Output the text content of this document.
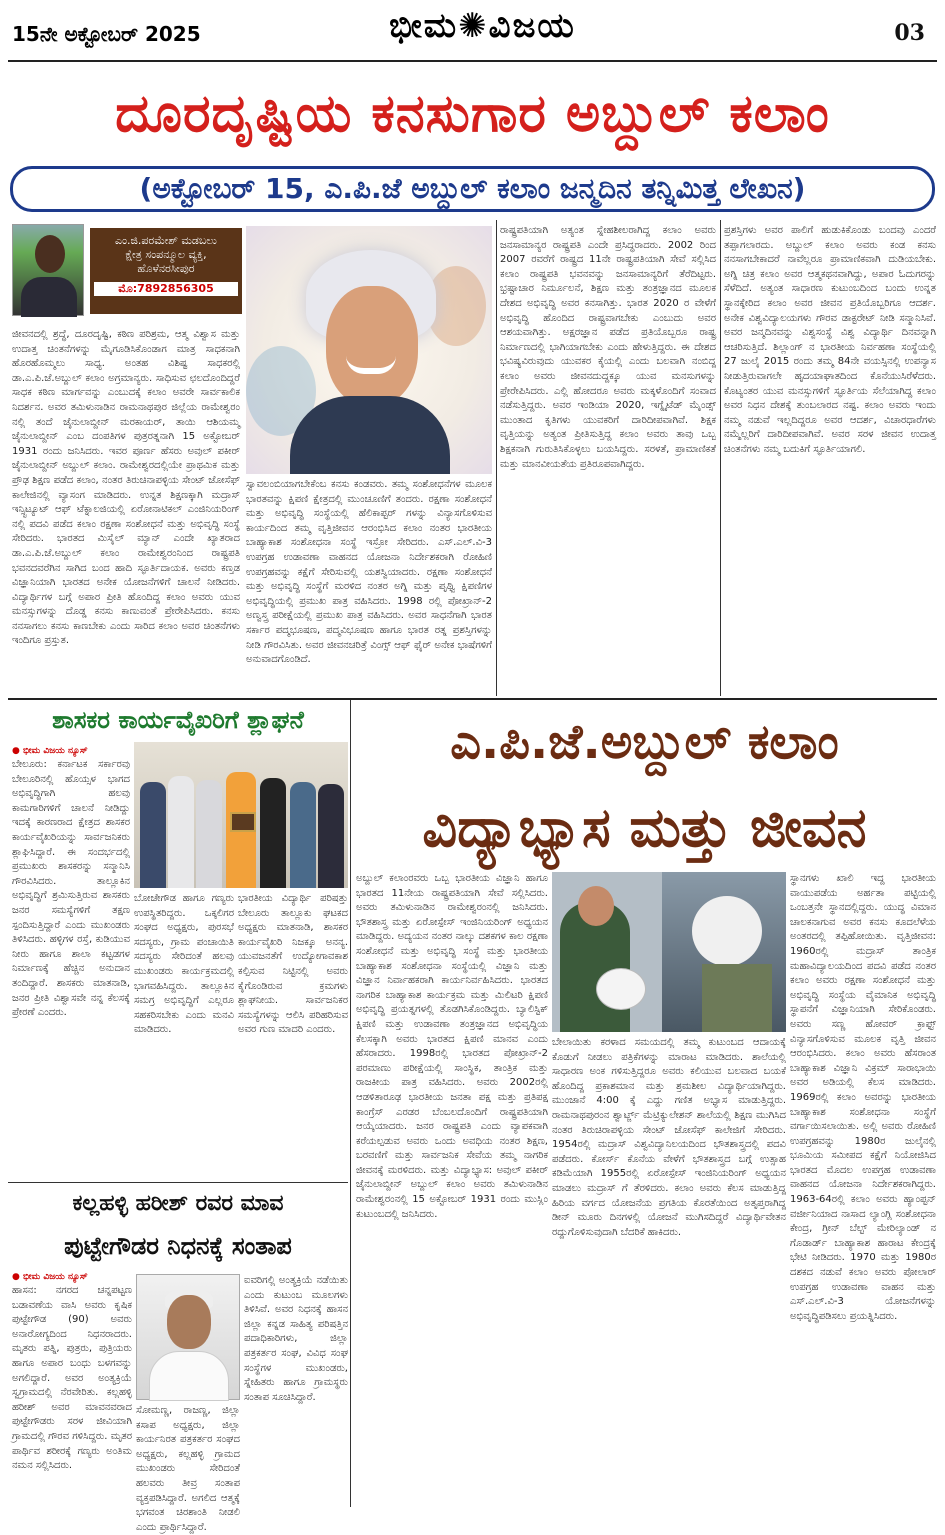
15ನೇ ಅಕ್ಟೋಬರ್ 2025	ಭೀಮ✺ವಿಜಯ	03
ದೂರದೃಷ್ಟಿಯ ಕನಸುಗಾರ ಅಬ್ದುಲ್ ಕಲಾಂ
(ಅಕ್ಟೋಬರ್ 15, ಎ.ಪಿ.ಜೆ ಅಬ್ದುಲ್ ಕಲಾಂ ಜನ್ಮದಿನ ತನ್ನಿಮಿತ್ತ ಲೇಖನ)
ಎಂ.ಜಿ.ಪರಮೇಶ್ ಮಡಬಲು
ಕ್ಷೇತ್ರ ಸಂಪನ್ಮೂಲ ವ್ಯಕ್ತಿ,
ಹೊಳೆನರಸೀಪುರ
ಮೊ:7892856305
ಜೀವನದಲ್ಲಿ ಶ್ರದ್ಧೆ, ದೂರದೃಷ್ಟಿ, ಕಠಿಣ ಪರಿಶ್ರಮ, ಆತ್ಮ ವಿಶ್ವಾಸ ಮತ್ತು ಉದಾತ್ತ ಚಿಂತನೆಗಳನ್ನು ಮೈಗೂಡಿಸಿಕೊಂಡಾಗ ಮಾತ್ರ ಸಾಧಕನಾಗಿ ಹೊರಹೊಮ್ಮಲು ಸಾಧ್ಯ. ಅಂತಹ ವಿಶಿಷ್ಟ ಸಾಧಕರಲ್ಲಿ ಡಾ.ಎ.ಪಿ.ಜೆ.ಅಬ್ದುಲ್ ಕಲಾಂ ಅಗ್ರಮಾನ್ಯರು. ಸಾಧಿಸುವ ಛಲದೊಂದಿದ್ದರೆ ಸಾಧಕ ಕಠಿಣ ಮಾರ್ಗವನ್ನು ಎಂಬುದಕ್ಕೆ ಕಲಾಂ ಅವರೇ ಸಾರ್ವಕಾಲಿಕ ನಿದರ್ಶನ. ಅವರ ತಮಿಳುನಾಡಿನ ರಾಮನಾಥಪುರ ಜಿಲ್ಲೆಯ ರಾಮೇಶ್ವರಂ ನಲ್ಲಿ ತಂದೆ ಜೈನುಲಾಬ್ದೀನ್ ಮರಕಾಯರ್, ತಾಯಿ ಆಶಿಯಮ್ಮ ಜೈನುಲಾಬ್ದೀನ್ ಎಂಬ ದಂಪತಿಗಳ ಪುತ್ರರತ್ನನಾಗಿ 15 ಅಕ್ಟೋಬರ್ 1931 ರಂದು ಜನಿಸಿದರು. ಇವರ ಪೂರ್ಣ ಹೆಸರು ಅವುಲ್ ಪಕೀರ್ ಜೈನುಲಾಬ್ದೀನ್ ಅಬ್ದುಲ್ ಕಲಾಂ. ರಾಮೇಶ್ವರದಲ್ಲಿಯೇ ಪ್ರಾಥಮಿಕ ಮತ್ತು ಪ್ರೌಢ ಶಿಕ್ಷಣ ಪಡೆದ ಕಲಾಂ, ನಂತರ ತಿರುಚಿನಾಪಳ್ಳಿಯ ಸೇಂಟ್ ಜೋಸೆಫ್ ಕಾಲೇಜಿನಲ್ಲಿ ವ್ಯಾಸಂಗ ಮಾಡಿದರು. ಉನ್ನತ ಶಿಕ್ಷಣಕ್ಕಾಗಿ ಮದ್ರಾಸ್ ಇನ್ಸ್ಟಿಟ್ಯೂಟ್ ಆಫ್ ಟೆಕ್ನಾಲಜಿಯಲ್ಲಿ ಏರೋನಾಟಿಕಲ್ ಎಂಜಿನಿಯರಿಂಗ್ ನಲ್ಲಿ ಪದವಿ ಪಡೆದ ಕಲಾಂ ರಕ್ಷಣಾ ಸಂಶೋಧನೆ ಮತ್ತು ಅಭಿವೃದ್ಧಿ ಸಂಸ್ಥೆ ಸೇರಿದರು. ಭಾರತದ ಮಿಸೈಲ್ ಮ್ಯಾನ್ ಎಂದೇ ಖ್ಯಾತರಾದ ಡಾ.ಎ.ಪಿ.ಜೆ.ಅಬ್ದುಲ್ ಕಲಾಂ ರಾಮೇಶ್ವರಂನಿಂದ ರಾಷ್ಟ್ರಪತಿ ಭವನದವರೆಗಿನ ಸಾಗಿದ ಬಂದ ಹಾದಿ ಸ್ಫೂರ್ತಿದಾಯಕ. ಅವರು ಕಣ್ತಡ ವಿಜ್ಞಾನಿಯಾಗಿ ಭಾರತದ ಅನೇಕ ಯೋಜನೆಗಳಿಗೆ ಚಾಲನೆ ನೀಡಿದರು. ವಿದ್ಯಾರ್ಥಿಗಳ ಬಗ್ಗೆ ಅಪಾರ ಪ್ರೀತಿ ಹೊಂದಿದ್ದ ಕಲಾಂ ಅವರು ಯುವ ಮನಸ್ಸುಗಳನ್ನು ದೊಡ್ಡ ಕನಸು ಕಾಣುವಂತೆ ಪ್ರೇರೇಪಿಸಿದರು. ಕನಸು ನನಸಾಗಲು ಕನಸು ಕಾಣಬೇಕು ಎಂದು ಸಾರಿದ ಕಲಾಂ ಅವರ ಚಿಂತನೆಗಳು ಇಂದಿಗೂ ಪ್ರಸ್ತುತ.
ಸ್ವಾವಲಂಬಿಯಾಗಬೇಕೆಂಬ ಕನಸು ಕಂಡವರು. ತಮ್ಮ ಸಂಶೋಧನೆಗಳ ಮೂಲಕ ಭಾರತವನ್ನು ಕ್ಷಿಪಣಿ ಕ್ಷೇತ್ರದಲ್ಲಿ ಮುಂಚೂಣಿಗೆ ತಂದರು. ರಕ್ಷಣಾ ಸಂಶೋಧನೆ ಮತ್ತು ಅಭಿವೃದ್ಧಿ ಸಂಸ್ಥೆಯಲ್ಲಿ ಹೆಲಿಕಾಪ್ಟರ್ ಗಳನ್ನು ವಿನ್ಯಾಸಗೊಳಿಸುವ ಕಾರ್ಯದಿಂದ ತಮ್ಮ ವೃತ್ತಿಜೀವನ ಆರಂಭಿಸಿದ ಕಲಾಂ ನಂತರ ಭಾರತೀಯ ಬಾಹ್ಯಾಕಾಶ ಸಂಶೋಧನಾ ಸಂಸ್ಥೆ ಇಸ್ರೋ ಸೇರಿದರು. ಎಸ್.ಎಲ್.ವಿ-3 ಉಪಗ್ರಹ ಉಡಾವಣಾ ವಾಹನದ ಯೋಜನಾ ನಿರ್ದೇಶಕರಾಗಿ ರೋಹಿಣಿ ಉಪಗ್ರಹವನ್ನು ಕಕ್ಷೆಗೆ ಸೇರಿಸುವಲ್ಲಿ ಯಶಸ್ವಿಯಾದರು. ರಕ್ಷಣಾ ಸಂಶೋಧನೆ ಮತ್ತು ಅಭಿವೃದ್ಧಿ ಸಂಸ್ಥೆಗೆ ಮರಳಿದ ನಂತರ ಅಗ್ನಿ ಮತ್ತು ಪೃಥ್ವಿ ಕ್ಷಿಪಣಿಗಳ ಅಭಿವೃದ್ಧಿಯಲ್ಲಿ ಪ್ರಮುಖ ಪಾತ್ರ ವಹಿಸಿದರು. 1998 ರಲ್ಲಿ ಪೋಖ್ರಾನ್-2 ಅಣ್ವಸ್ತ್ರ ಪರೀಕ್ಷೆಯಲ್ಲಿ ಪ್ರಮುಖ ಪಾತ್ರ ವಹಿಸಿದರು. ಅವರ ಸಾಧನೆಗಾಗಿ ಭಾರತ ಸರ್ಕಾರ ಪದ್ಮಭೂಷಣ, ಪದ್ಮವಿಭೂಷಣ ಹಾಗೂ ಭಾರತ ರತ್ನ ಪ್ರಶಸ್ತಿಗಳನ್ನು ನೀಡಿ ಗೌರವಿಸಿತು. ಅವರ ಜೀವನಚರಿತ್ರೆ ವಿಂಗ್ಸ್ ಆಫ್ ಫೈರ್ ಅನೇಕ ಭಾಷೆಗಳಿಗೆ ಅನುವಾದಗೊಂಡಿದೆ.
ರಾಷ್ಟ್ರಪತಿಯಾಗಿ ಅತ್ಯಂತ ಸ್ನೇಹಶೀಲರಾಗಿದ್ದ ಕಲಾಂ ಅವರು ಜನಸಾಮಾನ್ಯರ ರಾಷ್ಟ್ರಪತಿ ಎಂದೇ ಪ್ರಸಿದ್ಧರಾದರು. 2002 ರಿಂದ 2007 ರವರೆಗೆ ರಾಷ್ಟ್ರದ 11ನೇ ರಾಷ್ಟ್ರಪತಿಯಾಗಿ ಸೇವೆ ಸಲ್ಲಿಸಿದ ಕಲಾಂ ರಾಷ್ಟ್ರಪತಿ ಭವನವನ್ನು ಜನಸಾಮಾನ್ಯರಿಗೆ ತೆರೆದಿಟ್ಟರು. ಭ್ರಷ್ಟಾಚಾರ ನಿರ್ಮೂಲನೆ, ಶಿಕ್ಷಣ ಮತ್ತು ತಂತ್ರಜ್ಞಾನದ ಮೂಲಕ ದೇಶದ ಅಭಿವೃದ್ಧಿ ಅವರ ಕನಸಾಗಿತ್ತು. ಭಾರತ 2020 ರ ವೇಳೆಗೆ ಅಭಿವೃದ್ಧಿ ಹೊಂದಿದ ರಾಷ್ಟ್ರವಾಗಬೇಕು ಎಂಬುದು ಅವರ ಆಶಯವಾಗಿತ್ತು. ಅಕ್ಷರಜ್ಞಾನ ಪಡೆದ ಪ್ರತಿಯೊಬ್ಬರೂ ರಾಷ್ಟ್ರ ನಿರ್ಮಾಣದಲ್ಲಿ ಭಾಗಿಯಾಗಬೇಕು ಎಂದು ಹೇಳುತ್ತಿದ್ದರು. ಈ ದೇಶದ ಭವಿಷ್ಯವಿರುವುದು ಯುವಕರ ಕೈಯಲ್ಲಿ ಎಂದು ಬಲವಾಗಿ ನಂಬಿದ್ದ ಕಲಾಂ ಅವರು ಜೀವನದುದ್ದಕ್ಕೂ ಯುವ ಮನಸುಗಳನ್ನು ಪ್ರೇರೇಪಿಸಿದರು. ಎಲ್ಲಿ ಹೋದರೂ ಅವರು ಮಕ್ಕಳೊಂದಿಗೆ ಸಂವಾದ ನಡೆಸುತ್ತಿದ್ದರು. ಅವರ ಇಂಡಿಯಾ 2020, ಇಗ್ನೈಟೆಡ್ ಮೈಂಡ್ಸ್ ಮುಂತಾದ ಕೃತಿಗಳು ಯುವಕರಿಗೆ ದಾರಿದೀಪವಾಗಿವೆ. ಶಿಕ್ಷಕ ವೃತ್ತಿಯನ್ನು ಅತ್ಯಂತ ಪ್ರೀತಿಸುತ್ತಿದ್ದ ಕಲಾಂ ಅವರು ತಾವು ಒಬ್ಬ ಶಿಕ್ಷಕನಾಗಿ ಗುರುತಿಸಿಕೊಳ್ಳಲು ಬಯಸಿದ್ದರು. ಸರಳತೆ, ಪ್ರಾಮಾಣಿಕತೆ ಮತ್ತು ಮಾನವೀಯತೆಯ ಪ್ರತಿರೂಪವಾಗಿದ್ದರು.
ಪ್ರಶಸ್ತಿಗಳು ಅವರ ಪಾಲಿಗೆ ಹುಡುಕಿಕೊಂಡು ಬಂದವು ಎಂದರೆ ತಪ್ಪಾಗಲಾರದು. ಅಬ್ದುಲ್ ಕಲಾಂ ಅವರು ಕಂಡ ಕನಸು ನನಸಾಗಬೇಕಾದರೆ ನಾವೆಲ್ಲರೂ ಪ್ರಾಮಾಣಿಕವಾಗಿ ದುಡಿಯಬೇಕು. ಅಗ್ನಿ ಚಿತ್ರ ಕಲಾಂ ಅವರ ಆತ್ಮಕಥನವಾಗಿದ್ದು, ಅಪಾರ ಓದುಗರನ್ನು ಸೆಳೆದಿದೆ. ಅತ್ಯಂತ ಸಾಧಾರಣ ಕುಟುಂಬದಿಂದ ಬಂದು ಉನ್ನತ ಸ್ಥಾನಕ್ಕೇರಿದ ಕಲಾಂ ಅವರ ಜೀವನ ಪ್ರತಿಯೊಬ್ಬರಿಗೂ ಆದರ್ಶ. ಅನೇಕ ವಿಶ್ವವಿದ್ಯಾಲಯಗಳು ಗೌರವ ಡಾಕ್ಟರೇಟ್ ನೀಡಿ ಸನ್ಮಾನಿಸಿವೆ. ಅವರ ಜನ್ಮದಿನವನ್ನು ವಿಶ್ವಸಂಸ್ಥೆ ವಿಶ್ವ ವಿದ್ಯಾರ್ಥಿ ದಿನವನ್ನಾಗಿ ಆಚರಿಸುತ್ತಿದೆ. ಶಿಲ್ಲಾಂಗ್ ನ ಭಾರತೀಯ ನಿರ್ವಹಣಾ ಸಂಸ್ಥೆಯಲ್ಲಿ 27 ಜುಲೈ 2015 ರಂದು ತಮ್ಮ 84ನೇ ವಯಸ್ಸಿನಲ್ಲಿ ಉಪನ್ಯಾಸ ನೀಡುತ್ತಿರುವಾಗಲೇ ಹೃದಯಾಘಾತದಿಂದ ಕೊನೆಯುಸಿರೆಳೆದರು. ಕೊಟ್ಯಂತರ ಯುವ ಮನಸ್ಸುಗಳಿಗೆ ಸ್ಫೂರ್ತಿಯ ಸೆಲೆಯಾಗಿದ್ದ ಕಲಾಂ ಅವರ ನಿಧನ ದೇಶಕ್ಕೆ ತುಂಬಲಾರದ ನಷ್ಟ. ಕಲಾಂ ಅವರು ಇಂದು ನಮ್ಮ ನಡುವೆ ಇಲ್ಲದಿದ್ದರೂ ಅವರ ಆದರ್ಶ, ವಿಚಾರಧಾರೆಗಳು ನಮ್ಮೆಲ್ಲರಿಗೆ ದಾರಿದೀಪವಾಗಿವೆ. ಅವರ ಸರಳ ಜೀವನ ಉದಾತ್ತ ಚಿಂತನೆಗಳು ನಮ್ಮ ಬದುಕಿಗೆ ಸ್ಫೂರ್ತಿಯಾಗಲಿ.
ಶಾಸಕರ ಕಾರ್ಯವೈಖರಿಗೆ ಶ್ಲಾಘನೆ
● ಭೀಮ ವಿಜಯ ನ್ಯೂಸ್
ಬೇಲೂರು: ಕರ್ನಾಟಕ ಸರ್ಕಾರವು ಬೇಲೂರಿನಲ್ಲಿ ಹೊಯ್ಸಳ ಭಾಗದ ಅಭಿವೃದ್ಧಿಗಾಗಿ ಹಲವು ಕಾಮಗಾರಿಗಳಿಗೆ ಚಾಲನೆ ನೀಡಿದ್ದು ಇದಕ್ಕೆ ಕಾರಣರಾದ ಕ್ಷೇತ್ರದ ಶಾಸಕರ ಕಾರ್ಯವೈಖರಿಯನ್ನು ಸಾರ್ವಜನಿಕರು ಶ್ಲಾಘಿಸಿದ್ದಾರೆ. ಈ ಸಂದರ್ಭದಲ್ಲಿ ಪ್ರಮುಖರು ಶಾಸಕರನ್ನು ಸನ್ಮಾನಿಸಿ ಗೌರವಿಸಿದರು. ತಾಲ್ಲೂಕಿನ ಅಭಿವೃದ್ಧಿಗೆ ಶ್ರಮಿಸುತ್ತಿರುವ ಶಾಸಕರು ಜನರ ಸಮಸ್ಯೆಗಳಿಗೆ ತಕ್ಷಣ ಸ್ಪಂದಿಸುತ್ತಿದ್ದಾರೆ ಎಂದು ಮುಖಂಡರು ತಿಳಿಸಿದರು. ಹಳ್ಳಿಗಳ ರಸ್ತೆ, ಕುಡಿಯುವ ನೀರು ಹಾಗೂ ಶಾಲಾ ಕಟ್ಟಡಗಳ ನಿರ್ಮಾಣಕ್ಕೆ ಹೆಚ್ಚಿನ ಅನುದಾನ ತಂದಿದ್ದಾರೆ. ಶಾಸಕರು ಮಾತನಾಡಿ, ಜನರ ಪ್ರೀತಿ ವಿಶ್ವಾಸವೇ ನನ್ನ ಕೆಲಸಕ್ಕೆ ಪ್ರೇರಣೆ ಎಂದರು.
ಬೋಜೇಗೌಡ ಹಾಗೂ ಗಣ್ಯರು ಉಪಸ್ಥಿತರಿದ್ದರು. ಒಕ್ಕಲಿಗರ ಸಂಘದ ಅಧ್ಯಕ್ಷರು, ಪುರಸಭೆ ಸದಸ್ಯರು, ಗ್ರಾಮ ಪಂಚಾಯಿತಿ ಸದಸ್ಯರು ಸೇರಿದಂತೆ ಹಲವು ಮುಖಂಡರು ಕಾರ್ಯಕ್ರಮದಲ್ಲಿ ಭಾಗವಹಿಸಿದ್ದರು. ತಾಲ್ಲೂಕಿನ ಸಮಗ್ರ ಅಭಿವೃದ್ಧಿಗೆ ಎಲ್ಲರೂ ಸಹಕರಿಸಬೇಕು ಎಂದು ಮನವಿ ಮಾಡಿದರು.
ಭಾರತೀಯ ವಿದ್ಯಾರ್ಥಿ ಪರಿಷತ್ತು ಬೇಲೂರು ತಾಲ್ಲೂಕು ಘಟಕದ ಅಧ್ಯಕ್ಷರು ಮಾತನಾಡಿ, ಶಾಸಕರ ಕಾರ್ಯವೈಖರಿ ನಿಜಕ್ಕೂ ಅನನ್ಯ. ಯುವಜನತೆಗೆ ಉದ್ಯೋಗಾವಕಾಶ ಕಲ್ಪಿಸುವ ನಿಟ್ಟಿನಲ್ಲಿ ಅವರು ಕೈಗೊಂಡಿರುವ ಕ್ರಮಗಳು ಶ್ಲಾಘನೀಯ. ಸಾರ್ವಜನಿಕರ ಸಮಸ್ಯೆಗಳನ್ನು ಆಲಿಸಿ ಪರಿಹರಿಸುವ ಅವರ ಗುಣ ಮಾದರಿ ಎಂದರು.
ಎ.ಪಿ.ಜೆ.ಅಬ್ದುಲ್ ಕಲಾಂ
ವಿದ್ಯಾಭ್ಯಾಸ ಮತ್ತು ಜೀವನ
ಅಬ್ದುಲ್ ಕಲಾಂರವರು ಒಬ್ಬ ಭಾರತೀಯ ವಿಜ್ಞಾನಿ ಹಾಗೂ ಭಾರತದ 11ನೇಯ ರಾಷ್ಟ್ರಪತಿಯಾಗಿ ಸೇವೆ ಸಲ್ಲಿಸಿದರು. ಅವರು ತಮಿಳುನಾಡಿನ ರಾಮೇಶ್ವರಂನಲ್ಲಿ ಜನಿಸಿದರು. ಭೌತಶಾಸ್ತ್ರ ಮತ್ತು ಏರೋಸ್ಪೇಸ್ ಇಂಜಿನಿಯರಿಂಗ್ ಅಧ್ಯಯನ ಮಾಡಿದ್ದರು. ಅದ್ಯಯನ ನಂತರ ನಾಲ್ಕು ದಶಕಗಳ ಕಾಲ ರಕ್ಷಣಾ ಸಂಶೋಧನೆ ಮತ್ತು ಅಭಿವೃದ್ಧಿ ಸಂಸ್ಥೆ ಮತ್ತು ಭಾರತೀಯ ಬಾಹ್ಯಾಕಾಶ ಸಂಶೋಧನಾ ಸಂಸ್ಥೆಯಲ್ಲಿ ವಿಜ್ಞಾನಿ ಮತ್ತು ವಿಜ್ಞಾನ ನಿರ್ವಾಹಕರಾಗಿ ಕಾರ್ಯನಿರ್ವಹಿಸಿದರು. ಭಾರತದ ನಾಗರಿಕ ಬಾಹ್ಯಾಕಾಶ ಕಾರ್ಯಕ್ರಮ ಮತ್ತು ಮಿಲಿಟರಿ ಕ್ಷಿಪಣಿ ಅಭಿವೃದ್ಧಿ ಪ್ರಯತ್ನಗಳಲ್ಲಿ ತೊಡಗಿಸಿಕೊಂಡಿದ್ದರು. ಬ್ಯಾಲಿಸ್ಟಿಕ್ ಕ್ಷಿಪಣಿ ಮತ್ತು ಉಡಾವಣಾ ತಂತ್ರಜ್ಞಾನದ ಅಭಿವೃದ್ಧಿಯ ಕೆಲಸಕ್ಕಾಗಿ ಅವರು ಭಾರತದ ಕ್ಷಿಪಣಿ ಮಾನವ ಎಂದು ಹೆಸರಾದರು. 1998ರಲ್ಲಿ ಭಾರತದ ಪೋಖ್ರಾನ್-2 ಪರಮಾಣು ಪರೀಕ್ಷೆಯಲ್ಲಿ ಸಾಂಸ್ಥಿಕ, ತಾಂತ್ರಿಕ ಮತ್ತು ರಾಜಕೀಯ ಪಾತ್ರ ವಹಿಸಿದರು. ಅವರು 2002ರಲ್ಲಿ ಆಡಳಿತಾರೂಢ ಭಾರತೀಯ ಜನತಾ ಪಕ್ಷ ಮತ್ತು ಪ್ರತಿಪಕ್ಷ ಕಾಂಗ್ರೆಸ್ ಎರಡರ ಬೆಂಬಲದೊಂದಿಗೆ ರಾಷ್ಟ್ರಪತಿಯಾಗಿ ಆಯ್ಕೆಯಾದರು. ಜನರ ರಾಷ್ಟ್ರಪತಿ ಎಂದು ವ್ಯಾಪಕವಾಗಿ ಕರೆಯಲ್ಪಡುವ ಅವರು ಒಂದು ಅವಧಿಯ ನಂತರ ಶಿಕ್ಷಣ, ಬರವಣಿಗೆ ಮತ್ತು ಸಾರ್ವಜನಿಕ ಸೇವೆಯ ತಮ್ಮ ನಾಗರಿಕ ಜೀವನಕ್ಕೆ ಮರಳಿದರು. ಮತ್ತು ವಿದ್ಯಾಭ್ಯಾಸ: ಅವುಲ್ ಪಕೀರ್ ಜೈನುಲಾಬ್ದೀನ್ ಅಬ್ದುಲ್ ಕಲಾಂ ಅವರು ತಮಿಳುನಾಡಿನ ರಾಮೇಶ್ವರಂನಲ್ಲಿ 15 ಅಕ್ಟೋಬರ್ 1931 ರಂದು ಮುಸ್ಲಿಂ ಕುಟುಂಬದಲ್ಲಿ ಜನಿಸಿದರು.
ಬೇಲಾಯಿತು ಕರಳಾದ ಸಮಯದಲ್ಲಿ ತಮ್ಮ ಕುಟುಂಬದ ಆದಾಯಕ್ಕೆ ಕೊಡುಗೆ ನೀಡಲು ಪತ್ರಿಕೆಗಳನ್ನು ಮಾರಾಟ ಮಾಡಿದರು. ಶಾಲೆಯಲ್ಲಿ ಸಾಧಾರಣ ಅಂಕ ಗಳಿಸುತ್ತಿದ್ದರೂ ಅವರು ಕಲಿಯುವ ಬಲವಾದ ಬಯಕೆ ಹೊಂದಿದ್ದ ಪ್ರಕಾಶಮಾನ ಮತ್ತು ಶ್ರಮಶೀಲ ವಿದ್ಯಾರ್ಥಿಯಾಗಿದ್ದರು. ಮುಂಜಾನೆ 4:00 ಕ್ಕೆ ಎದ್ದು ಗಣಿತ ಅಭ್ಯಾಸ ಮಾಡುತ್ತಿದ್ದರು. ರಾಮನಾಥಪುರಂನ ಶ್ವಾರ್ಟ್ಜ್ ಮೆಟ್ರಿಕ್ಯುಲೇಶನ್ ಶಾಲೆಯಲ್ಲಿ ಶಿಕ್ಷಣ ಮುಗಿಸಿದ ನಂತರ ತಿರುಚಿರಾಪಳ್ಳಿಯ ಸೇಂಟ್ ಜೋಸೆಫ್ ಕಾಲೇಜಿಗೆ ಸೇರಿದರು. 1954ರಲ್ಲಿ ಮದ್ರಾಸ್ ವಿಶ್ವವಿದ್ಯಾನಿಲಯದಿಂದ ಭೌತಶಾಸ್ತ್ರದಲ್ಲಿ ಪದವಿ ಪಡೆದರು. ಕೋರ್ಸ್ ಕೊನೆಯ ವೇಳೆಗೆ ಭೌತಶಾಸ್ತ್ರದ ಬಗ್ಗೆ ಉತ್ಸಾಹ ಕಡಿಮೆಯಾಗಿ 1955ರಲ್ಲಿ ಏರೋಸ್ಪೇಸ್ ಇಂಜಿನಿಯರಿಂಗ್ ಅಧ್ಯಯನ ಮಾಡಲು ಮದ್ರಾಸ್ ಗೆ ತೆರಳಿದರು. ಕಲಾಂ ಅವರು ಕೆಲಸ ಮಾಡುತ್ತಿದ್ದ ಹಿರಿಯ ವರ್ಗದ ಯೋಜನೆಯ ಪ್ರಗತಿಯ ಕೊರತೆಯಿಂದ ಅತೃಪ್ತರಾಗಿದ್ದ ಡೀನ್ ಮೂರು ದಿನಗಳಲ್ಲಿ ಯೋಜನೆ ಮುಗಿಸದಿದ್ದರೆ ವಿದ್ಯಾರ್ಥಿವೇತನ ರದ್ದುಗೊಳಿಸುವುದಾಗಿ ಬೆದರಿಕೆ ಹಾಕಿದರು.
ಸ್ಥಾನಗಳು ಖಾಲಿ ಇದ್ದ ಭಾರತೀಯ ವಾಯುಪಡೆಯ ಅರ್ಹತಾ ಪಟ್ಟಿಯಲ್ಲಿ ಒಂಬತ್ತನೇ ಸ್ಥಾನದಲ್ಲಿದ್ದರು. ಯುದ್ಧ ವಿಮಾನ ಚಾಲಕನಾಗುವ ಅವರ ಕನಸು ಕೂದಲೆಳೆಯ ಅಂತರದಲ್ಲಿ ತಪ್ಪಿಹೋಯಿತು. ವೃತ್ತಿಜೀವನ: 1960ರಲ್ಲಿ ಮದ್ರಾಸ್ ತಾಂತ್ರಿಕ ಮಹಾವಿದ್ಯಾಲಯದಿಂದ ಪದವಿ ಪಡೆದ ನಂತರ ಕಲಾಂ ಅವರು ರಕ್ಷಣಾ ಸಂಶೋಧನೆ ಮತ್ತು ಅಭಿವೃದ್ಧಿ ಸಂಸ್ಥೆಯ ವೈಮಾನಿಕ ಅಭಿವೃದ್ಧಿ ಸ್ಥಾಪನೆಗೆ ವಿಜ್ಞಾನಿಯಾಗಿ ಸೇರಿಕೊಂಡರು. ಅವರು ಸಣ್ಣ ಹೋವರ್ ಕ್ರಾಫ್ಟ್ ವಿನ್ಯಾಸಗೊಳಿಸುವ ಮೂಲಕ ವೃತ್ತಿ ಜೀವನ ಆರಂಭಿಸಿದರು. ಕಲಾಂ ಅವರು ಹೆಸರಾಂತ ಬಾಹ್ಯಾಕಾಶ ವಿಜ್ಞಾನಿ ವಿಕ್ರಮ್ ಸಾರಾಭಾಯಿ ಅವರ ಅಡಿಯಲ್ಲಿ ಕೆಲಸ ಮಾಡಿದರು. 1969ರಲ್ಲಿ ಕಲಾಂ ಅವರನ್ನು ಭಾರತೀಯ ಬಾಹ್ಯಾಕಾಶ ಸಂಶೋಧನಾ ಸಂಸ್ಥೆಗೆ ವರ್ಗಾಯಿಸಲಾಯಿತು. ಅಲ್ಲಿ ಅವರು ರೋಹಿಣಿ ಉಪಗ್ರಹವನ್ನು 1980ರ ಜುಲೈನಲ್ಲಿ ಭೂಮಿಯ ಸಮೀಪದ ಕಕ್ಷೆಗೆ ನಿಯೋಜಿಸಿದ ಭಾರತದ ಮೊದಲ ಉಪಗ್ರಹ ಉಡಾವಣಾ ವಾಹನದ ಯೋಜನಾ ನಿರ್ದೇಶಕರಾಗಿದ್ದರು. 1963-64ರಲ್ಲಿ ಕಲಾಂ ಅವರು ಹ್ಯಾಂಪ್ಟನ್ ವರ್ಜೀನಿಯಾದ ನಾಸಾದ ಲ್ಯಾಂಗ್ಲಿ ಸಂಶೋಧನಾ ಕೇಂದ್ರ, ಗ್ರೀನ್ ಬೆಲ್ಟ್ ಮೇರಿಲ್ಯಾಂಡ್ ನ ಗೊಡಾರ್ಡ್ ಬಾಹ್ಯಾಕಾಶ ಹಾರಾಟ ಕೇಂದ್ರಕ್ಕೆ ಭೇಟಿ ನೀಡಿದರು. 1970 ಮತ್ತು 1980ರ ದಶಕದ ನಡುವೆ ಕಲಾಂ ಅವರು ಪೋಲಾರ್ ಉಪಗ್ರಹ ಉಡಾವಣಾ ವಾಹನ ಮತ್ತು ಎಸ್.ಎಲ್.ವಿ-3 ಯೋಜನೆಗಳನ್ನು ಅಭಿವೃದ್ಧಿಪಡಿಸಲು ಪ್ರಯತ್ನಿಸಿದರು.
ಕಲ್ಲಹಳ್ಳಿ ಹರೀಶ್ ರವರ ಮಾವ
ಪುಟ್ಟೇಗೌಡರ ನಿಧನಕ್ಕೆ ಸಂತಾಪ
● ಭೀಮ ವಿಜಯ ನ್ಯೂಸ್
ಹಾಸನ: ನಗರದ ಚನ್ನಪಟ್ಟಣ ಬಡಾವಣೆಯ ವಾಸಿ ಅವರು ಕೃಷಿಕ ಪುಟ್ಟೇಗೌಡ (90) ಅವರು ಅನಾರೋಗ್ಯದಿಂದ ನಿಧನರಾದರು. ಮೃತರು ಪತ್ನಿ, ಪುತ್ರರು, ಪುತ್ರಿಯರು ಹಾಗೂ ಅಪಾರ ಬಂಧು ಬಳಗವನ್ನು ಅಗಲಿದ್ದಾರೆ. ಅವರ ಅಂತ್ಯಕ್ರಿಯೆ ಸ್ವಗ್ರಾಮದಲ್ಲಿ ನೆರವೇರಿತು. ಕಲ್ಲಹಳ್ಳಿ ಹರೀಶ್ ಅವರ ಮಾವನವರಾದ ಪುಟ್ಟೇಗೌಡರು ಸರಳ ಜೀವಿಯಾಗಿ ಗ್ರಾಮದಲ್ಲಿ ಗೌರವ ಗಳಿಸಿದ್ದರು. ಮೃತರ ಪಾರ್ಥಿವ ಶರೀರಕ್ಕೆ ಗಣ್ಯರು ಅಂತಿಮ ನಮನ ಸಲ್ಲಿಸಿದರು.
ಸೋಮಣ್ಣ, ರಾಜಣ್ಣ, ಜಿಲ್ಲಾ ಕಸಾಪ ಅಧ್ಯಕ್ಷರು, ಜಿಲ್ಲಾ ಕಾರ್ಯನಿರತ ಪತ್ರಕರ್ತರ ಸಂಘದ ಅಧ್ಯಕ್ಷರು, ಕಲ್ಲಹಳ್ಳಿ ಗ್ರಾಮದ ಮುಖಂಡರು ಸೇರಿದಂತೆ ಹಲವರು ತೀವ್ರ ಸಂತಾಪ ವ್ಯಕ್ತಪಡಿಸಿದ್ದಾರೆ. ಅಗಲಿದ ಆತ್ಮಕ್ಕೆ ಭಗವಂತ ಚಿರಶಾಂತಿ ನೀಡಲಿ ಎಂದು ಪ್ರಾರ್ಥಿಸಿದ್ದಾರೆ.
ಐವರಿಗಲ್ಲಿ ಅಂತ್ಯಕ್ರಿಯೆ ನಡೆಯಿತು ಎಂದು ಕುಟುಂಬ ಮೂಲಗಳು ತಿಳಿಸಿವೆ. ಅವರ ನಿಧನಕ್ಕೆ ಹಾಸನ ಜಿಲ್ಲಾ ಕನ್ನಡ ಸಾಹಿತ್ಯ ಪರಿಷತ್ತಿನ ಪದಾಧಿಕಾರಿಗಳು, ಜಿಲ್ಲಾ ಪತ್ರಕರ್ತರ ಸಂಘ, ವಿವಿಧ ಸಂಘ ಸಂಸ್ಥೆಗಳ ಮುಖಂಡರು, ಸ್ನೇಹಿತರು ಹಾಗೂ ಗ್ರಾಮಸ್ಥರು ಸಂತಾಪ ಸೂಚಿಸಿದ್ದಾರೆ.
